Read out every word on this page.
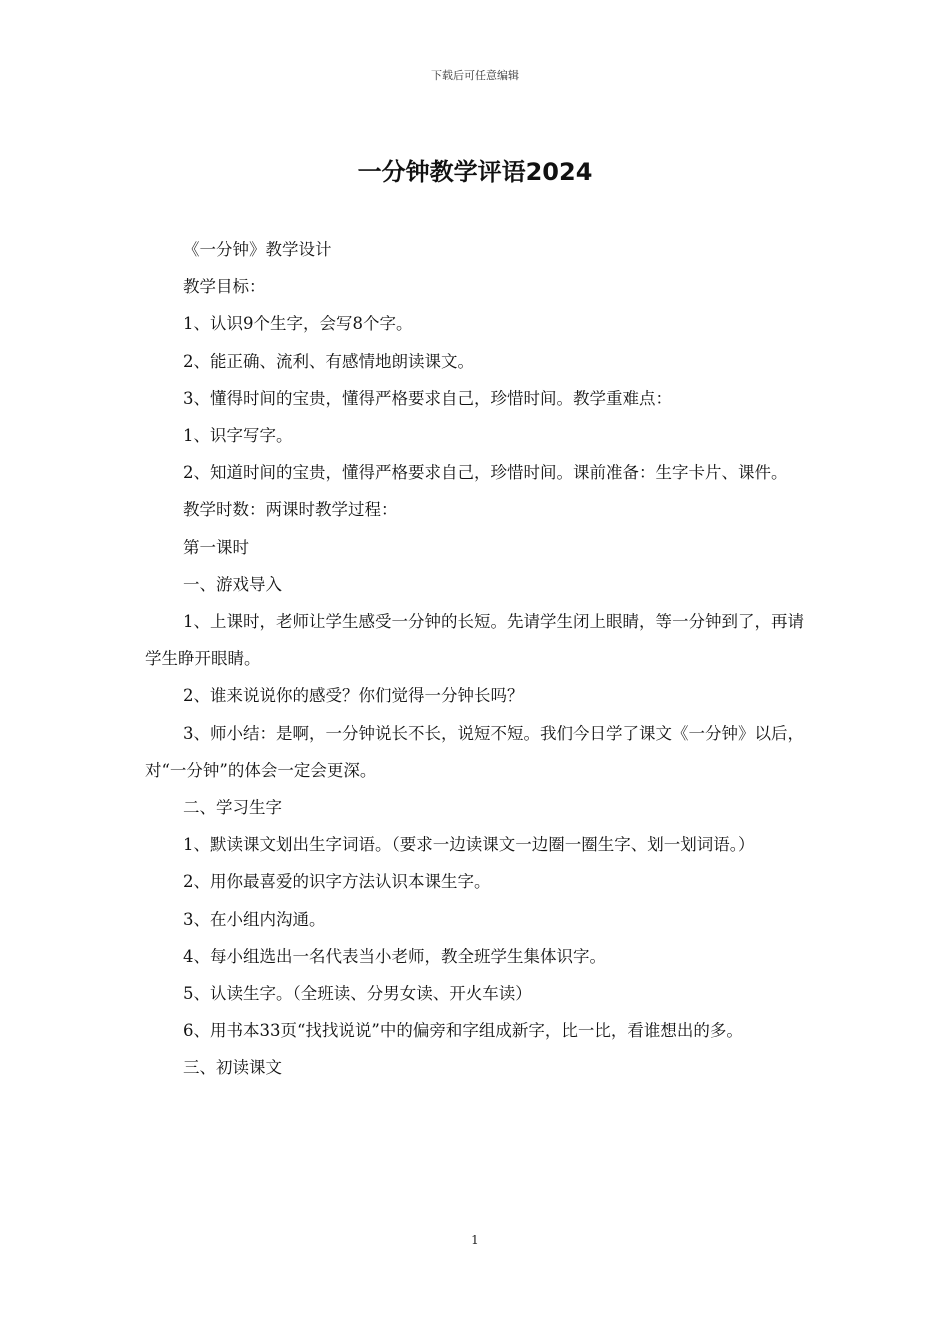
下载后可任意编辑
一分钟教学评语2024

《一分钟》教学设计

教学目标：

1、认识9个生字，会写8个字。

2、能正确、流利、有感情地朗读课文。

3、懂得时间的宝贵，懂得严格要求自己，珍惜时间。教学重难点：

1、识字写字。

2、知道时间的宝贵，懂得严格要求自己，珍惜时间。课前准备：生字卡片、课件。

教学时数：两课时教学过程：

第一课时

一、游戏导入

1、上课时，老师让学生感受一分钟的长短。先请学生闭上眼睛，等一分钟到了，再请学生睁开眼睛。

2、谁来说说你的感受？你们觉得一分钟长吗？

3、师小结：是啊，一分钟说长不长，说短不短。我们今日学了课文《一分钟》以后，对“一分钟”的体会一定会更深。

二、学习生字

1、默读课文划出生字词语。（要求一边读课文一边圈一圈生字、划一划词语。）

2、用你最喜爱的识字方法认识本课生字。

3、在小组内沟通。

4、每小组选出一名代表当小老师，教全班学生集体识字。

5、认读生字。（全班读、分男女读、开火车读）

6、用书本33页“找找说说”中的偏旁和字组成新字，比一比，看谁想出的多。

三、初读课文

1
